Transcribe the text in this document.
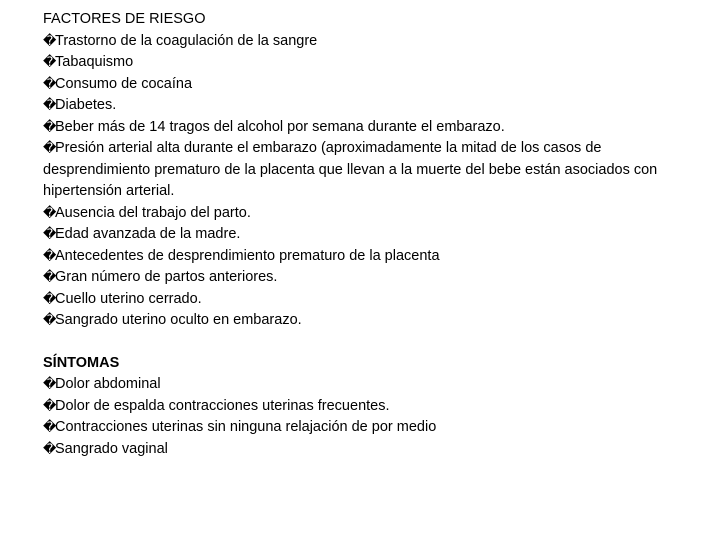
FACTORES DE RIESGO

�Trastorno de la coagulación de la sangre
�Tabaquismo
�Consumo de cocaína
�Diabetes.
�Beber más de 14 tragos del alcohol por semana durante el embarazo.
�Presión arterial alta durante el embarazo (aproximadamente la mitad de los casos de desprendimiento prematuro de la placenta que llevan a la muerte del bebe están asociados con hipertensión arterial.
�Ausencia del trabajo del parto.
�Edad avanzada de la madre.
�Antecedentes de desprendimiento prematuro de la placenta
�Gran número de partos anteriores.
�Cuello uterino cerrado.
�Sangrado uterino oculto en embarazo.

SÍNTOMAS

�Dolor abdominal
�Dolor de espalda contracciones uterinas frecuentes.
�Contracciones uterinas sin ninguna relajación de por medio
�Sangrado vaginal
